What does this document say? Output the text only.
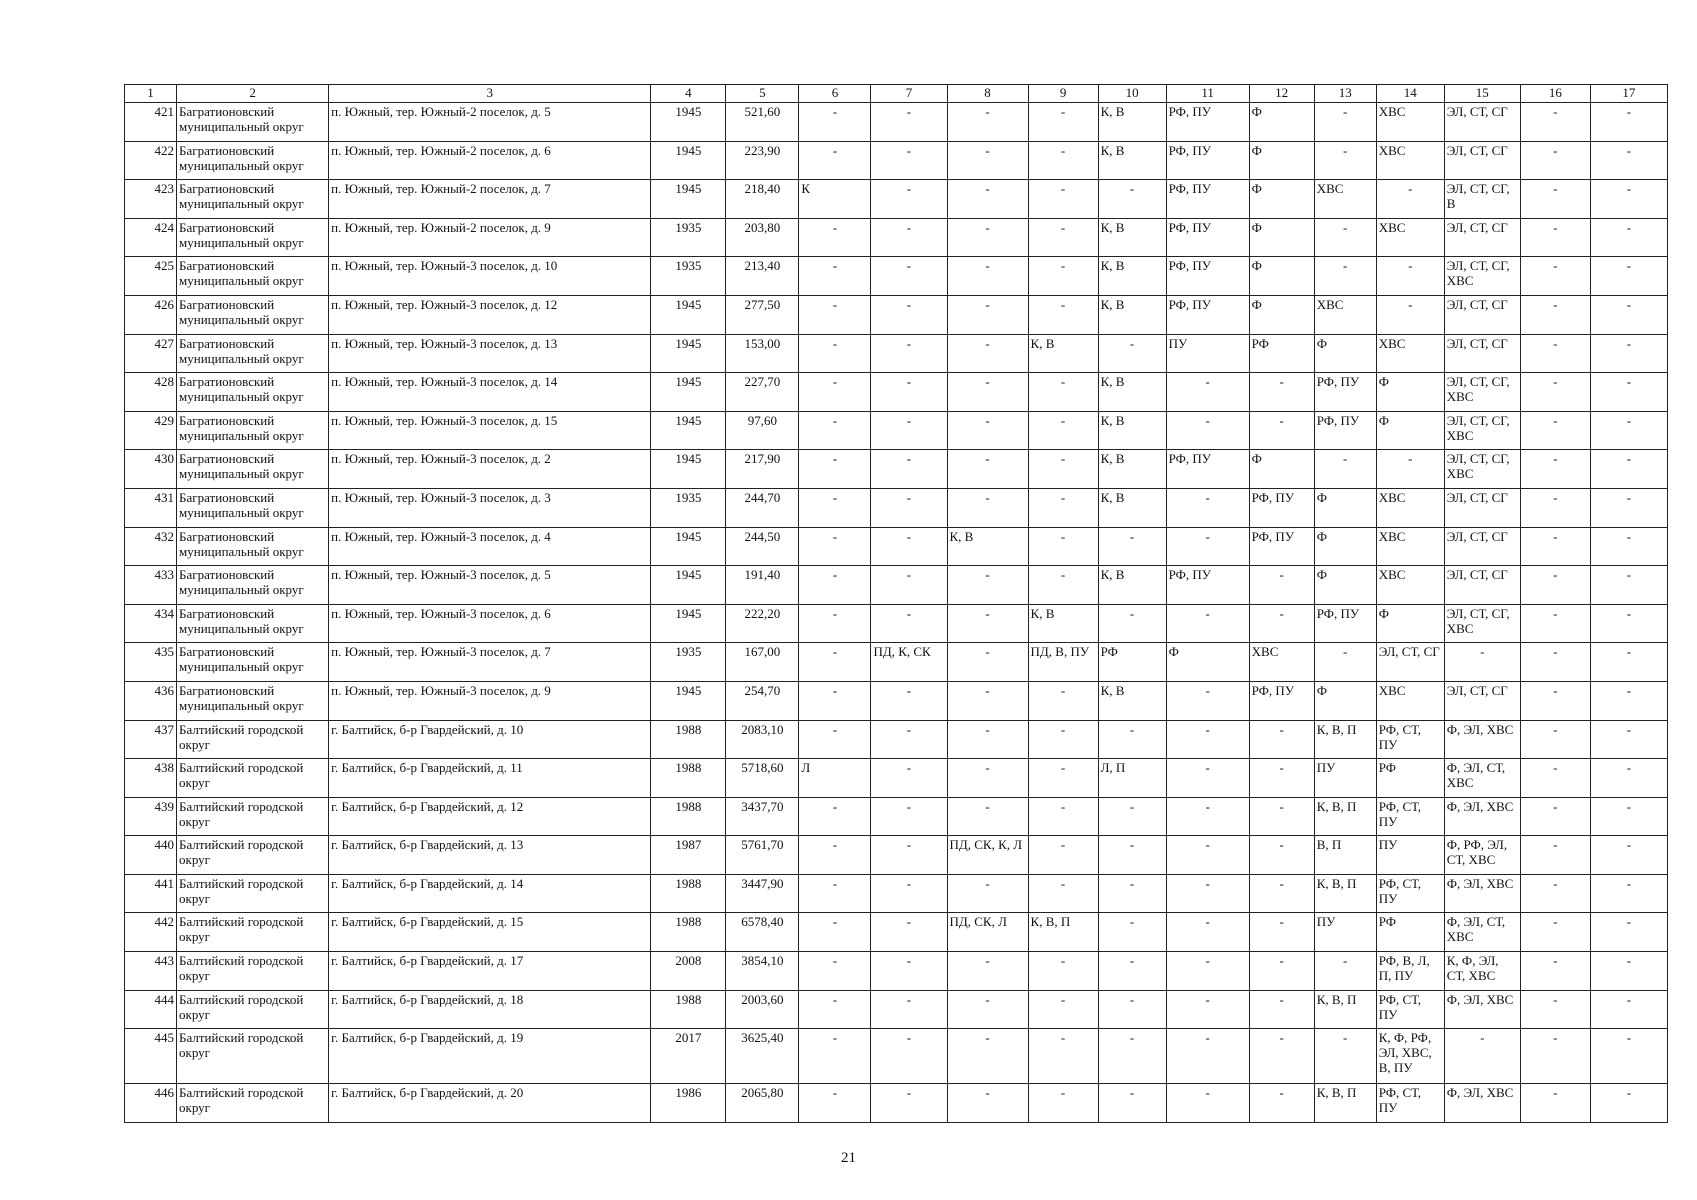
1	2	3	4	5	6	7	8	9	10	11	12	13	14	15	16	17
421	Багратионовский муниципальный округ	п. Южный, тер. Южный-2 поселок, д. 5	1945	521,60	-	-	-	-	К, В	РФ, ПУ	Ф	-	ХВС	ЭЛ, СТ, СГ	-	-
422	Багратионовский муниципальный округ	п. Южный, тер. Южный-2 поселок, д. 6	1945	223,90	-	-	-	-	К, В	РФ, ПУ	Ф	-	ХВС	ЭЛ, СТ, СГ	-	-
423	Багратионовский муниципальный округ	п. Южный, тер. Южный-2 поселок, д. 7	1945	218,40	К	-	-	-	-	РФ, ПУ	Ф	ХВС	-	ЭЛ, СТ, СГ, В	-	-
424	Багратионовский муниципальный округ	п. Южный, тер. Южный-2 поселок, д. 9	1935	203,80	-	-	-	-	К, В	РФ, ПУ	Ф	-	ХВС	ЭЛ, СТ, СГ	-	-
425	Багратионовский муниципальный округ	п. Южный, тер. Южный-3 поселок, д. 10	1935	213,40	-	-	-	-	К, В	РФ, ПУ	Ф	-	-	ЭЛ, СТ, СГ, ХВС	-	-
426	Багратионовский муниципальный округ	п. Южный, тер. Южный-3 поселок, д. 12	1945	277,50	-	-	-	-	К, В	РФ, ПУ	Ф	ХВС	-	ЭЛ, СТ, СГ	-	-
427	Багратионовский муниципальный округ	п. Южный, тер. Южный-3 поселок, д. 13	1945	153,00	-	-	-	К, В	-	ПУ	РФ	Ф	ХВС	ЭЛ, СТ, СГ	-	-
428	Багратионовский муниципальный округ	п. Южный, тер. Южный-3 поселок, д. 14	1945	227,70	-	-	-	-	К, В	-	-	РФ, ПУ	Ф	ЭЛ, СТ, СГ, ХВС	-	-
429	Багратионовский муниципальный округ	п. Южный, тер. Южный-3 поселок, д. 15	1945	97,60	-	-	-	-	К, В	-	-	РФ, ПУ	Ф	ЭЛ, СТ, СГ, ХВС	-	-
430	Багратионовский муниципальный округ	п. Южный, тер. Южный-3 поселок, д. 2	1945	217,90	-	-	-	-	К, В	РФ, ПУ	Ф	-	-	ЭЛ, СТ, СГ, ХВС	-	-
431	Багратионовский муниципальный округ	п. Южный, тер. Южный-3 поселок, д. 3	1935	244,70	-	-	-	-	К, В	-	РФ, ПУ	Ф	ХВС	ЭЛ, СТ, СГ	-	-
432	Багратионовский муниципальный округ	п. Южный, тер. Южный-3 поселок, д. 4	1945	244,50	-	-	К, В	-	-	-	РФ, ПУ	Ф	ХВС	ЭЛ, СТ, СГ	-	-
433	Багратионовский муниципальный округ	п. Южный, тер. Южный-3 поселок, д. 5	1945	191,40	-	-	-	-	К, В	РФ, ПУ	-	Ф	ХВС	ЭЛ, СТ, СГ	-	-
434	Багратионовский муниципальный округ	п. Южный, тер. Южный-3 поселок, д. 6	1945	222,20	-	-	-	К, В	-	-	-	РФ, ПУ	Ф	ЭЛ, СТ, СГ, ХВС	-	-
435	Багратионовский муниципальный округ	п. Южный, тер. Южный-3 поселок, д. 7	1935	167,00	-	ПД, К, СК	-	ПД, В, ПУ	РФ	Ф	ХВС	-	ЭЛ, СТ, СГ	-	-	-
436	Багратионовский муниципальный округ	п. Южный, тер. Южный-3 поселок, д. 9	1945	254,70	-	-	-	-	К, В	-	РФ, ПУ	Ф	ХВС	ЭЛ, СТ, СГ	-	-
437	Балтийский городской округ	г. Балтийск, б-р Гвардейский, д. 10	1988	2083,10	-	-	-	-	-	-	-	К, В, П	РФ, СТ, ПУ	Ф, ЭЛ, ХВС	-	-
438	Балтийский городской округ	г. Балтийск, б-р Гвардейский, д. 11	1988	5718,60	Л	-	-	-	Л, П	-	-	ПУ	РФ	Ф, ЭЛ, СТ, ХВС	-	-
439	Балтийский городской округ	г. Балтийск, б-р Гвардейский, д. 12	1988	3437,70	-	-	-	-	-	-	-	К, В, П	РФ, СТ, ПУ	Ф, ЭЛ, ХВС	-	-
440	Балтийский городской округ	г. Балтийск, б-р Гвардейский, д. 13	1987	5761,70	-	-	ПД, СК, К, Л	-	-	-	-	В, П	ПУ	Ф, РФ, ЭЛ, СТ, ХВС	-	-
441	Балтийский городской округ	г. Балтийск, б-р Гвардейский, д. 14	1988	3447,90	-	-	-	-	-	-	-	К, В, П	РФ, СТ, ПУ	Ф, ЭЛ, ХВС	-	-
442	Балтийский городской округ	г. Балтийск, б-р Гвардейский, д. 15	1988	6578,40	-	-	ПД, СК, Л	К, В, П	-	-	-	ПУ	РФ	Ф, ЭЛ, СТ, ХВС	-	-
443	Балтийский городской округ	г. Балтийск, б-р Гвардейский, д. 17	2008	3854,10	-	-	-	-	-	-	-	-	РФ, В, Л, П, ПУ	К, Ф, ЭЛ, СТ, ХВС	-	-
444	Балтийский городской округ	г. Балтийск, б-р Гвардейский, д. 18	1988	2003,60	-	-	-	-	-	-	-	К, В, П	РФ, СТ, ПУ	Ф, ЭЛ, ХВС	-	-
445	Балтийский городской округ	г. Балтийск, б-р Гвардейский, д. 19	2017	3625,40	-	-	-	-	-	-	-	-	К, Ф, РФ, ЭЛ, ХВС, В, ПУ	-	-	-
446	Балтийский городской округ	г. Балтийск, б-р Гвардейский, д. 20	1986	2065,80	-	-	-	-	-	-	-	К, В, П	РФ, СТ, ПУ	Ф, ЭЛ, ХВС	-	-
21
